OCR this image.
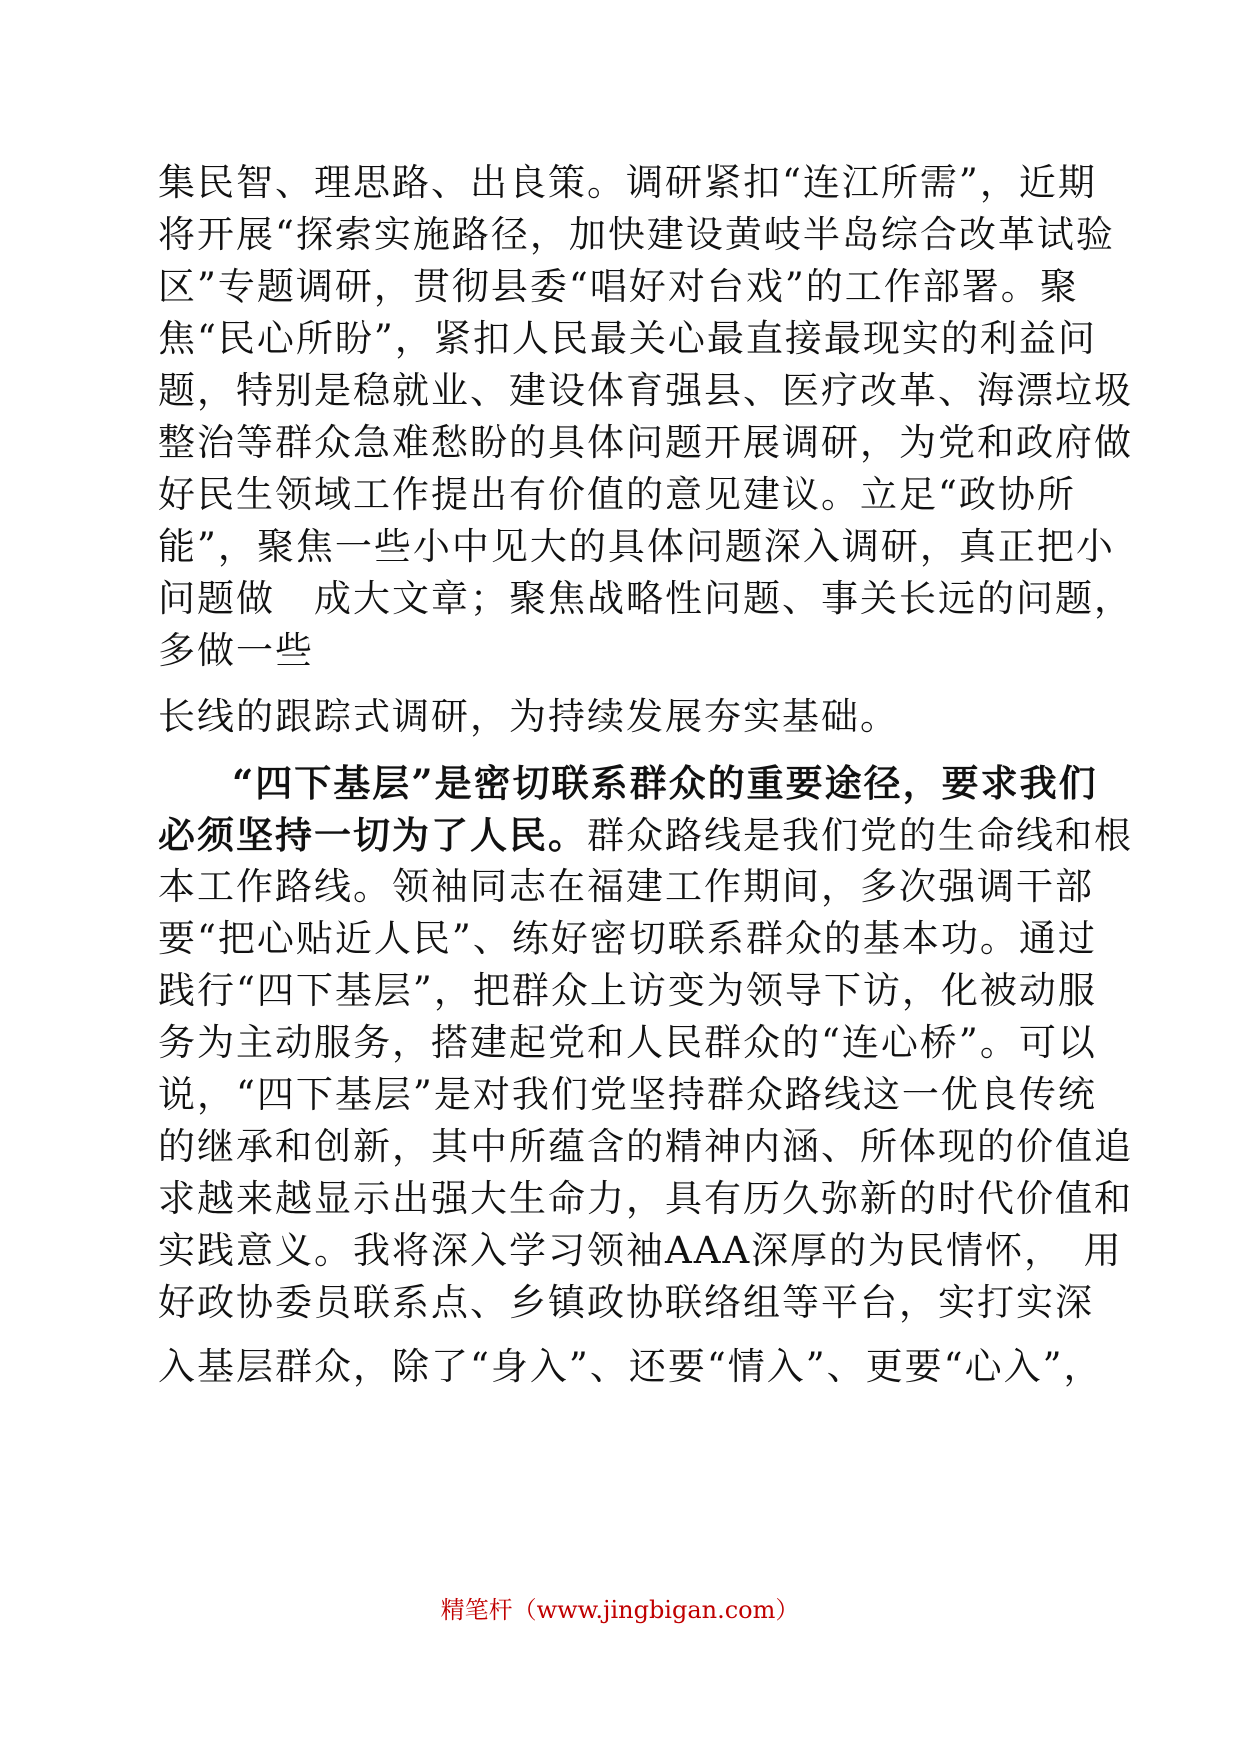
集民智、理思路、出良策。调研紧扣“连江所需”，近期
将开展“探索实施路径，加快建设黄岐半岛综合改革试验
区”专题调研，贯彻县委“唱好对台戏”的工作部署。聚
焦“民心所盼”，紧扣人民最关心最直接最现实的利益问
题，特别是稳就业、建设体育强县、医疗改革、海漂垃圾
整治等群众急难愁盼的具体问题开展调研，为党和政府做
好民生领域工作提出有价值的意见建议。立足“政协所
能”，聚焦一些小中见大的具体问题深入调研，真正把小
问题做　成大文章；聚焦战略性问题、事关长远的问题，
多做一些
长线的跟踪式调研，为持续发展夯实基础。
“四下基层”是密切联系群众的重要途径，要求我们
必须坚持一切为了人民。群众路线是我们党的生命线和根
本工作路线。领袖同志在福建工作期间，多次强调干部
要“把心贴近人民”、练好密切联系群众的基本功。通过
践行“四下基层”，把群众上访变为领导下访，化被动服
务为主动服务，搭建起党和人民群众的“连心桥”。可以
说，“四下基层”是对我们党坚持群众路线这一优良传统
的继承和创新，其中所蕴含的精神内涵、所体现的价值追
求越来越显示出强大生命力，具有历久弥新的时代价值和
实践意义。我将深入学习领袖AAA深厚的为民情怀，　用
好政协委员联系点、乡镇政协联络组等平台，实打实深
入基层群众，除了“身入”、还要“情入”、更要“心入”，
精笔杆（www.jingbigan.com）
